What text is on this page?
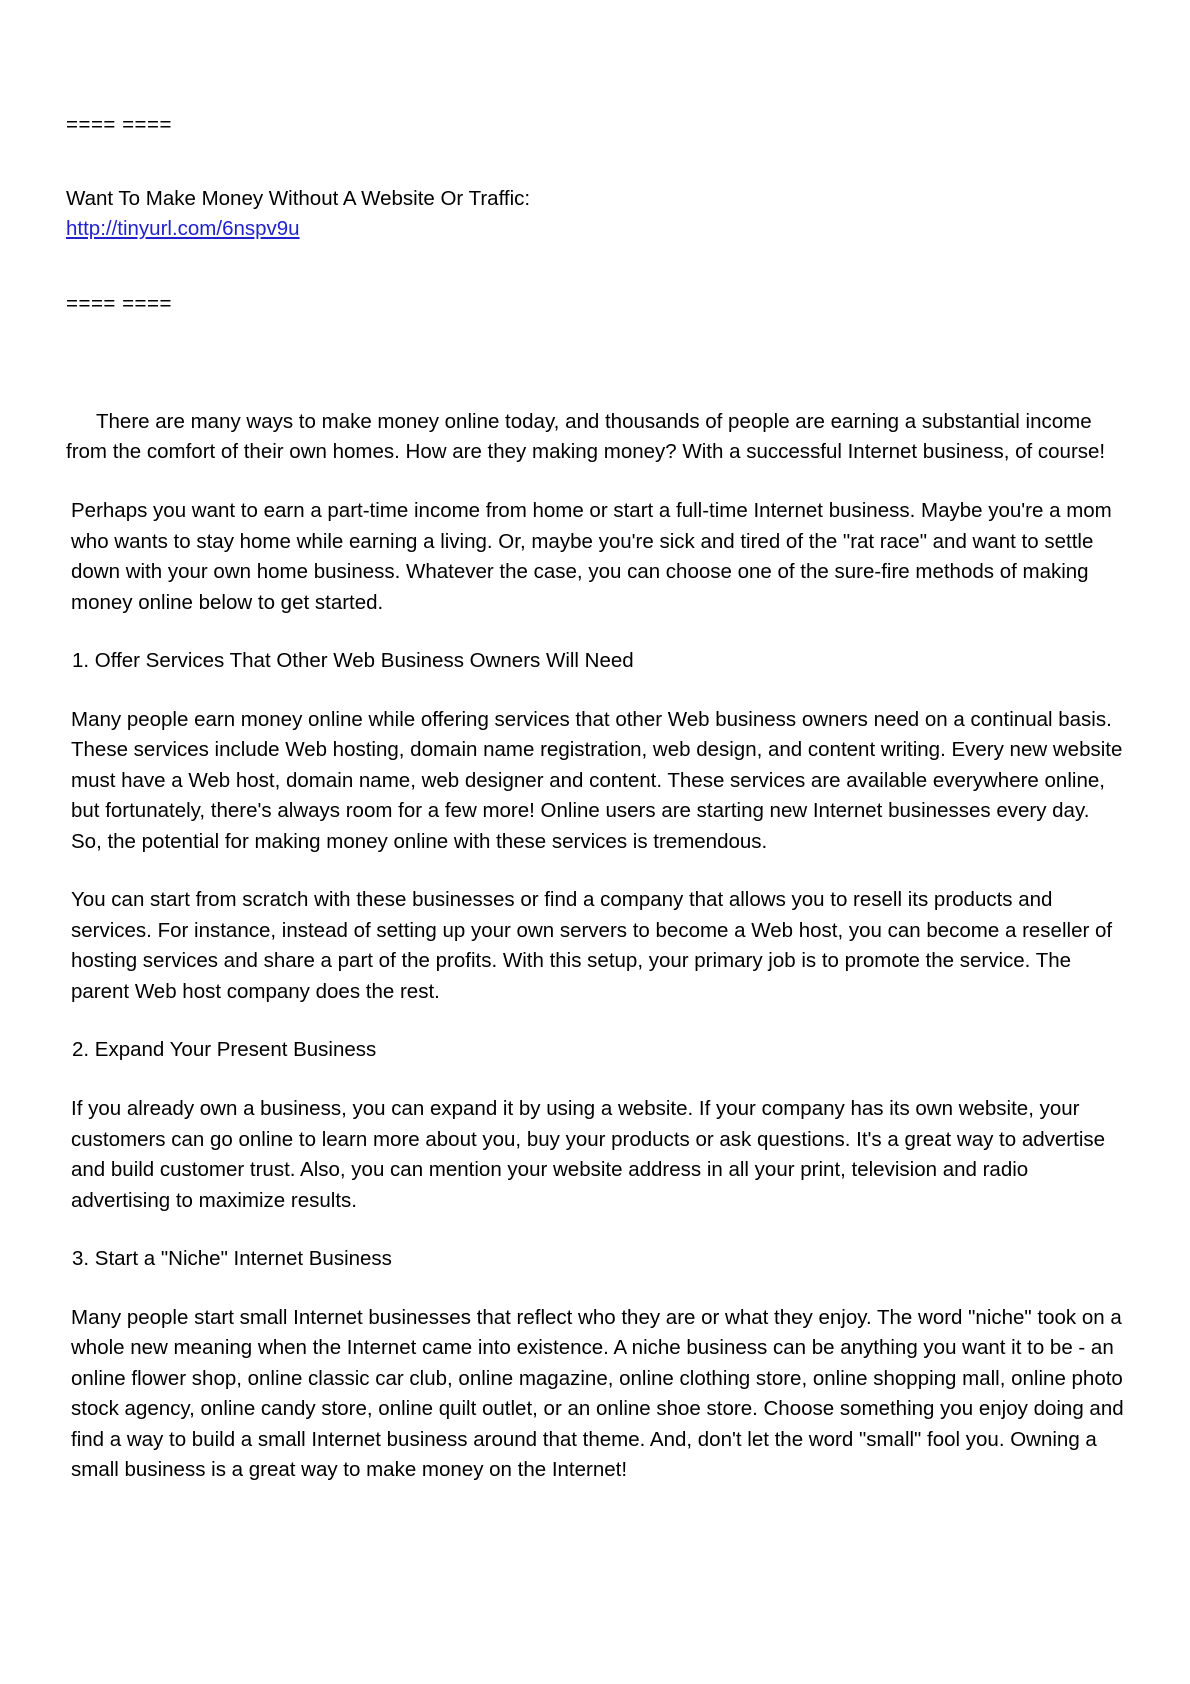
==== ====
Want To Make Money Without A Website Or Traffic:
http://tinyurl.com/6nspv9u
==== ====

There are many ways to make money online today, and thousands of people are earning a substantial income from the comfort of their own homes. How are they making money? With a successful Internet business, of course!

Perhaps you want to earn a part-time income from home or start a full-time Internet business. Maybe you're a mom who wants to stay home while earning a living. Or, maybe you're sick and tired of the "rat race" and want to settle down with your own home business. Whatever the case, you can choose one of the sure-fire methods of making money online below to get started.

1. Offer Services That Other Web Business Owners Will Need

Many people earn money online while offering services that other Web business owners need on a continual basis. These services include Web hosting, domain name registration, web design, and content writing. Every new website must have a Web host, domain name, web designer and content. These services are available everywhere online, but fortunately, there's always room for a few more! Online users are starting new Internet businesses every day. So, the potential for making money online with these services is tremendous.

You can start from scratch with these businesses or find a company that allows you to resell its products and services. For instance, instead of setting up your own servers to become a Web host, you can become a reseller of hosting services and share a part of the profits. With this setup, your primary job is to promote the service. The parent Web host company does the rest.

2. Expand Your Present Business

If you already own a business, you can expand it by using a website. If your company has its own website, your customers can go online to learn more about you, buy your products or ask questions. It's a great way to advertise and build customer trust. Also, you can mention your website address in all your print, television and radio advertising to maximize results.

3. Start a "Niche" Internet Business

Many people start small Internet businesses that reflect who they are or what they enjoy. The word "niche" took on a whole new meaning when the Internet came into existence. A niche business can be anything you want it to be - an online flower shop, online classic car club, online magazine, online clothing store, online shopping mall, online photo stock agency, online candy store, online quilt outlet, or an online shoe store. Choose something you enjoy doing and find a way to build a small Internet business around that theme. And, don't let the word "small" fool you. Owning a small business is a great way to make money on the Internet!
